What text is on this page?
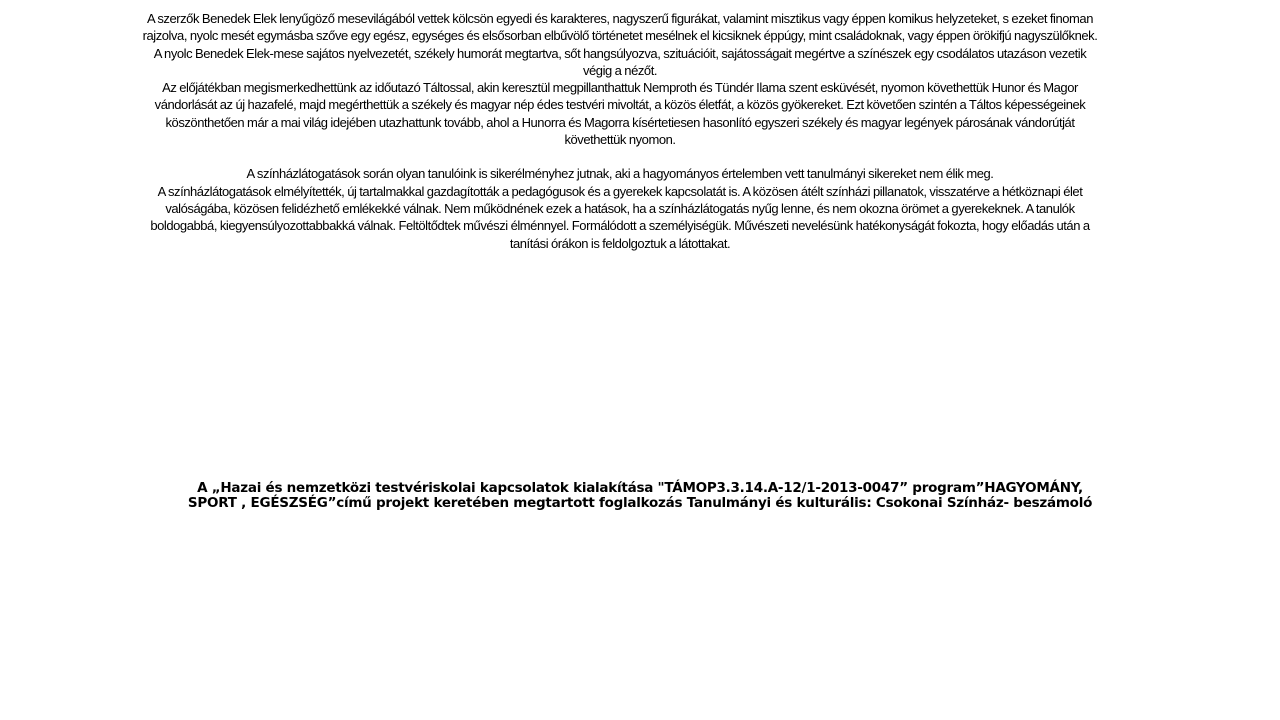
A szerzők Benedek Elek lenyűgöző mesevilágából vettek kölcsön egyedi és karakteres, nagyszerű figurákat, valamint misztikus vagy éppen komikus helyzeteket, s ezeket finoman rajzolva, nyolc mesét egymásba szőve egy egész, egységes és elsősorban elbűvölő történetet mesélnek el kicsiknek éppúgy, mint családoknak, vagy éppen örökifjú nagyszülőknek.

A nyolc Benedek Elek-mese sajátos nyelvezetét, székely humorát megtartva, sőt hangsúlyozva, szituációit, sajátosságait megértve a színészek egy csodálatos utazáson vezetik végig a nézőt.

Az előjátékban megismerkedhettünk az időutazó Táltossal, akin keresztül megpillanthattuk Nemproth és Tündér Ilama szent esküvését, nyomon követhettük Hunor és Magor vándorlását az új hazafelé, majd megérthettük a székely és magyar nép édes testvéri mivoltát, a közös életfát, a közös gyökereket. Ezt követően szintén a Táltos képességeinek köszönthetően már a mai világ idejében utazhattunk tovább, ahol a Hunorra és Magorra kísértetiesen hasonlító egyszeri székely és magyar legények párosának vándorútját követhettük nyomon.

A színházlátogatások során olyan tanulóink is sikerélményhez jutnak, aki a hagyományos értelemben vett tanulmányi sikereket nem élik meg.

A színházlátogatások elmélyítették, új tartalmakkal gazdagították a pedagógusok és a gyerekek kapcsolatát is. A közösen átélt színházi pillanatok, visszatérve a hétköznapi élet valóságába, közösen felidézhető emlékekké válnak. Nem működnének ezek a hatások, ha a színházlátogatás nyűg lenne, és nem okozna örömet a gyerekeknek. A tanulók boldogabbá, kiegyensúlyozottabbakká válnak. Feltöltődtek művészi élménnyel. Formálódott a személyiségük. Művészeti nevelésünk hatékonyságát fokozta, hogy előadás után a tanítási órákon is feldolgoztuk a látottakat.

A „Hazai és nemzetközi testvériskolai kapcsolatok kialakítása "TÁMOP3.3.14.A-12/1-2013-0047” program”HAGYOMÁNY,
SPORT , EGÉSZSÉG”című projekt keretében megtartott foglalkozás Tanulmányi és kulturális: Csokonai Színház- beszámoló
